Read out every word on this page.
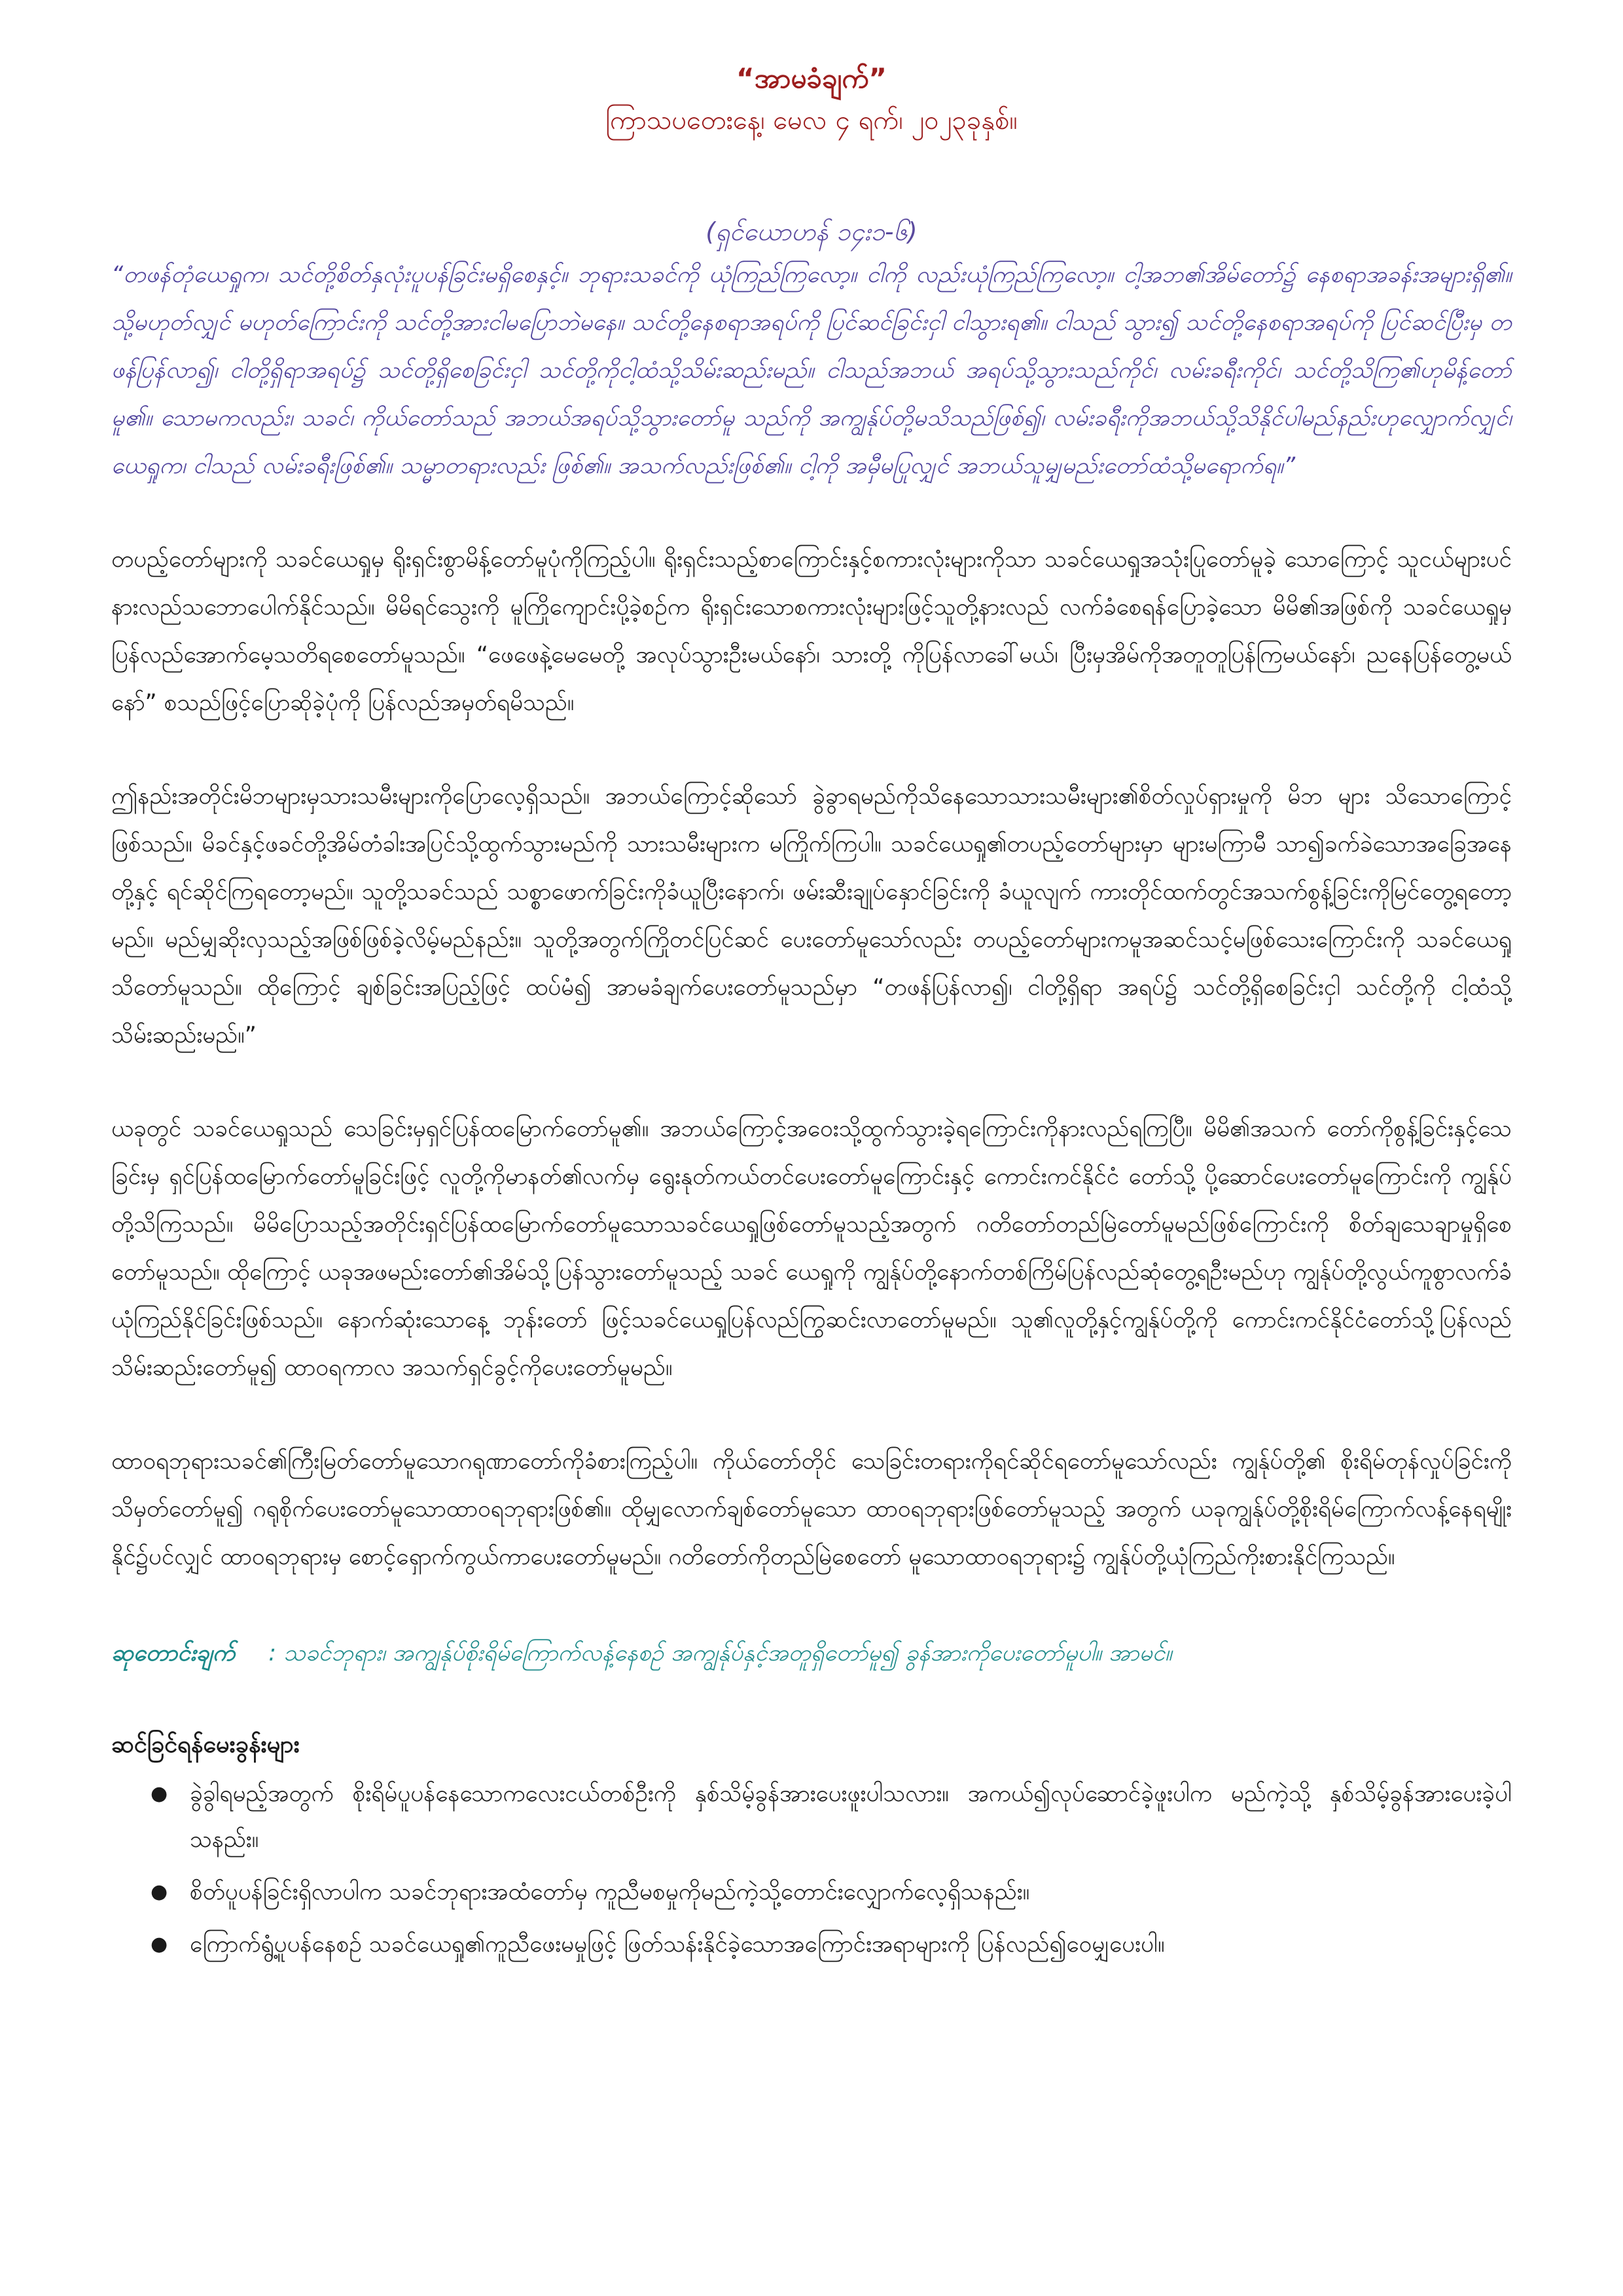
“အာမခံချက်”

ကြာသပတေးနေ့၊ မေလ ၄ ရက်၊ ၂၀၂၃ခုနှစ်။

(ရှင်ယောဟန် ၁၄း၁-၆)

“တဖန်တုံယေရှုက၊ သင်တို့စိတ်နှလုံးပူပန်ခြင်းမရှိစေနှင့်။ ဘုရားသခင်ကို ယုံကြည်ကြလော့။ ငါကို လည်းယုံကြည်ကြလော့။ ငါ့အဘ၏အိမ်တော်၌ နေစရာအခန်းအများရှိ၏။ သို့မဟုတ်လျှင် မဟုတ်ကြောင်းကို သင်တို့အားငါမပြောဘဲမနေ။ သင်တို့နေစရာအရပ်ကို ပြင်ဆင်ခြင်းငှါ ငါသွားရ၏။ ငါသည် သွား၍ သင်တို့နေစရာအရပ်ကို ပြင်ဆင်ပြီးမှ တဖန်ပြန်လာ၍၊ ငါတို့ရှိရာအရပ်၌ သင်တို့ရှိစေခြင်းငှါ သင်တို့ကိုငါ့ထံသို့သိမ်းဆည်းမည်။ ငါသည်အဘယ် အရပ်သို့သွားသည်ကိုင်၊ လမ်းခရီးကိုင်၊ သင်တို့သိကြ၏ဟုမိန့်တော်မူ၏။ သောမကလည်း၊ သခင်၊ ကိုယ်တော်သည် အဘယ်အရပ်သို့သွားတော်မူ သည်ကို အကျွန်ုပ်တို့မသိသည်ဖြစ်၍၊ လမ်းခရီးကိုအဘယ်သို့သိနိုင်ပါမည်နည်းဟုလျှောက်လျှင်၊ ယေရှုက၊ ငါသည် လမ်းခရီးဖြစ်၏။ သမ္မာတရားလည်း ဖြစ်၏။ အသက်လည်းဖြစ်၏။ ငါ့ကို အမှီမပြုလျှင် အဘယ်သူမျှမည်းတော်ထံသို့မရောက်ရ။”

တပည့်တော်များကို သခင်ယေရှုမှ ရိုးရှင်းစွာမိန့်တော်မူပုံကိုကြည့်ပါ။ ရိုးရှင်းသည့်စာကြောင်းနှင့်စကားလုံးများကိုသာ သခင်ယေရှုအသုံးပြုတော်မူခဲ့ သောကြောင့် သူငယ်များပင်နားလည်သဘောပေါက်နိုင်သည်။ မိမိရင်သွေးကို မူကြိုကျောင်းပို့ခဲ့စဉ်က ရိုးရှင်းသောစကားလုံးများဖြင့်သူတို့နားလည် လက်ခံစေရန်ပြောခဲ့သော မိမိ၏အဖြစ်ကို သခင်ယေရှုမှပြန်လည်အောက်မေ့သတိရစေတော်မူသည်။ “ဖေဖေနဲ့မေမေတို့ အလုပ်သွားဦးမယ်နော်၊ သားတို့ ကိုပြန်လာခေါ်မယ်၊ ပြီးမှအိမ်ကိုအတူတူပြန်ကြမယ်နော်၊ ညနေပြန်တွေ့မယ်နော်” စသည်ဖြင့်ပြောဆိုခဲ့ပုံကို ပြန်လည်အမှတ်ရမိသည်။

ဤနည်းအတိုင်းမိဘများမှသားသမီးများကိုပြောလေ့ရှိသည်။ အဘယ်ကြောင့်ဆိုသော် ခွဲခွာရမည်ကိုသိနေသောသားသမီးများ၏စိတ်လှုပ်ရှားမှုကို မိဘ များ သိသောကြောင့်ဖြစ်သည်။ မိခင်နှင့်ဖခင်တို့အိမ်တံခါးအပြင်သို့ထွက်သွားမည်ကို သားသမီးများက မကြိုက်ကြပါ။ သခင်ယေရှု၏တပည့်တော်များမှာ များမကြာမီ သာ၍ခက်ခဲသောအခြေအနေတို့နှင့် ရင်ဆိုင်ကြရတော့မည်။ သူတို့သခင်သည် သစ္စာဖောက်ခြင်းကိုခံယူပြီးနောက်၊ ဖမ်းဆီးချုပ်နှောင်ခြင်းကို ခံယူလျက် ကားတိုင်ထက်တွင်အသက်စွန့်ခြင်းကိုမြင်တွေ့ရတော့မည်။ မည်မျှဆိုးလှသည့်အဖြစ်ဖြစ်ခဲ့လိမ့်မည်နည်း။ သူတို့အတွက်ကြိုတင်ပြင်ဆင် ပေးတော်မူသော်လည်း တပည့်တော်များကမူအဆင်သင့်မဖြစ်သေးကြောင်းကို သခင်ယေရှုသိတော်မူသည်။ ထိုကြောင့် ချစ်ခြင်းအပြည့်ဖြင့် ထပ်မံ၍ အာမခံချက်ပေးတော်မူသည်မှာ “တဖန်ပြန်လာ၍၊ ငါတို့ရှိရာ အရပ်၌ သင်တို့ရှိစေခြင်းငှါ သင်တို့ကို ငါ့ထံသို့သိမ်းဆည်းမည်။”

ယခုတွင် သခင်ယေရှုသည် သေခြင်းမှရှင်ပြန်ထမြောက်တော်မူ၏။ အဘယ်ကြောင့်အဝေးသို့ထွက်သွားခဲ့ရကြောင်းကိုနားလည်ရကြပြီ။ မိမိ၏အသက် တော်ကိုစွန့်ခြင်းနှင့်သေခြင်းမှ ရှင်ပြန်ထမြောက်တော်မူခြင်းဖြင့် လူတို့ကိုမာနတ်၏လက်မှ ရွေးနုတ်ကယ်တင်ပေးတော်မူကြောင်းနှင့် ကောင်းကင်နိုင်ငံ တော်သို့ ပို့ဆောင်ပေးတော်မူကြောင်းကို ကျွန်ုပ်တို့သိကြသည်။ မိမိပြောသည့်အတိုင်းရှင်ပြန်ထမြောက်တော်မူသောသခင်ယေရှုဖြစ်တော်မူသည့်အတွက် ဂတိတော်တည်မြဲတော်မူမည်ဖြစ်ကြောင်းကို စိတ်ချသေချာမှုရှိစေတော်မူသည်။ ထိုကြောင့် ယခုအဖမည်းတော်၏အိမ်သို့ပြန်သွားတော်မူသည့် သခင် ယေရှုကို ကျွန်ုပ်တို့နောက်တစ်ကြိမ်ပြန်လည်ဆုံတွေ့ရဦးမည်ဟု ကျွန်ုပ်တို့လွယ်ကူစွာလက်ခံယုံကြည်နိုင်ခြင်းဖြစ်သည်။ နောက်ဆုံးသောနေ့ ဘုန်းတော် ဖြင့်သခင်ယေရှုပြန်လည်ကြွဆင်းလာတော်မူမည်။ သူ၏လူတို့နှင့်ကျွန်ုပ်တို့ကို ကောင်းကင်နိုင်ငံတော်သို့ပြန်လည်သိမ်းဆည်းတော်မူ၍ ထာဝရကာလ အသက်ရှင်ခွင့်ကိုပေးတော်မူမည်။

ထာဝရဘုရားသခင်၏ကြီးမြတ်တော်မူသောဂရုဏာတော်ကိုခံစားကြည့်ပါ။ ကိုယ်တော်တိုင် သေခြင်းတရားကိုရင်ဆိုင်ရတော်မူသော်လည်း ကျွန်ုပ်တို့၏ စိုးရိမ်တုန်လှုပ်ခြင်းကိုသိမှတ်တော်မူ၍ ဂရုစိုက်ပေးတော်မူသောထာဝရဘုရားဖြစ်၏။ ထိုမျှလောက်ချစ်တော်မူသော ထာဝရဘုရားဖြစ်တော်မူသည့် အတွက် ယခုကျွန်ုပ်တို့စိုးရိမ်ကြောက်လန့်နေရမျိုးနိုင်၌ပင်လျှင် ထာဝရဘုရားမှ စောင့်ရှောက်ကွယ်ကာပေးတော်မူမည်။ ဂတိတော်ကိုတည်မြဲစေတော် မူသောထာဝရဘုရား၌ ကျွန်ုပ်တို့ယုံကြည်ကိုးစားနိုင်ကြသည်။

ဆုတောင်းချက် : သခင်ဘုရား၊ အကျွန်ုပ်စိုးရိမ်ကြောက်လန့်နေစဉ် အကျွန်ုပ်နှင့်အတူရှိတော်မူ၍ ခွန်အားကိုပေးတော်မူပါ။ အာမင်။

ဆင်ခြင်ရန်မေးခွန်းများ

● ခွဲခွါရမည့်အတွက် စိုးရိမ်ပူပန်နေသောကလေးငယ်တစ်ဦးကို နှစ်သိမ့်ခွန်အားပေးဖူးပါသလား။ အကယ်၍လုပ်ဆောင်ခဲ့ဖူးပါက မည်ကဲ့သို့ နှစ်သိမ့်ခွန်အားပေးခဲ့ပါသနည်း။
● စိတ်ပူပန်ခြင်းရှိလာပါက သခင်ဘုရားအထံတော်မှ ကူညီမစမှုကိုမည်ကဲ့သို့တောင်းလျှောက်လေ့ရှိသနည်း။
● ကြောက်ရွံ့ပူပန်နေစဉ် သခင်ယေရှု၏ကူညီဖေးမမှုဖြင့် ဖြတ်သန်းနိုင်ခဲ့သောအကြောင်းအရာများကို ပြန်လည်၍ဝေမျှပေးပါ။
